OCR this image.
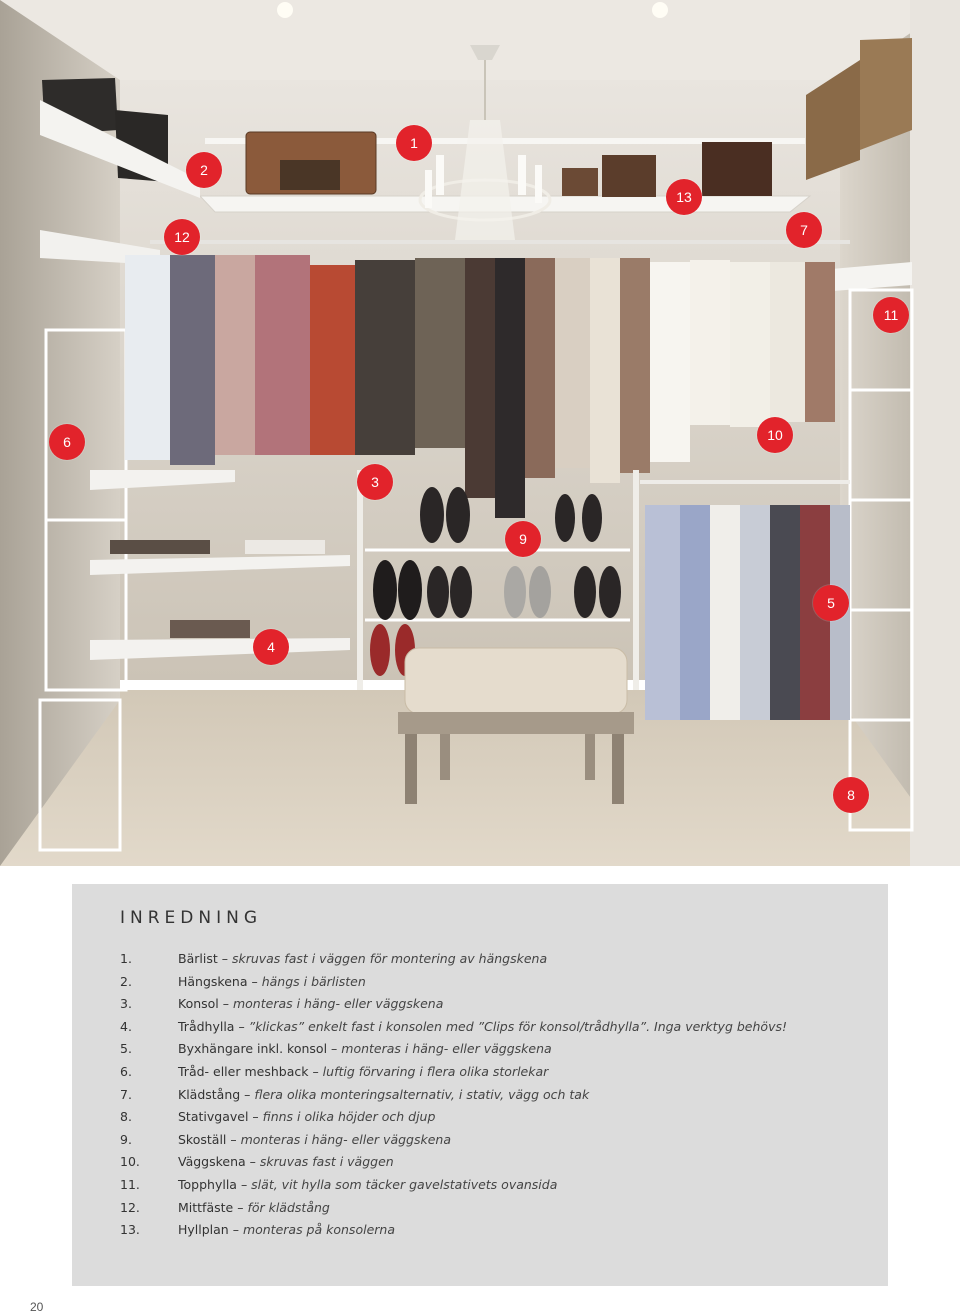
1
2
13
12	7
11
6	10
3
9
5
4
8
INREDNING
1.	Bärlist – skruvas fast i väggen för montering av hängskena
2.	Hängskena – hängs i bärlisten
3.	Konsol – monteras i häng- eller väggskena
4.	Trådhylla – ”klickas” enkelt fast i konsolen med ”Clips för konsol/trådhylla”. Inga verktyg behövs!
5.	Byxhängare inkl. konsol – monteras i häng- eller väggskena
6.	Tråd- eller meshback – luftig förvaring i flera olika storlekar
7.	Klädstång – flera olika monteringsalternativ, i stativ, vägg och tak
8.	Stativgavel – finns i olika höjder och djup
9.	Skoställ – monteras i häng- eller väggskena
10.	Väggskena – skruvas fast i väggen
11.	Topphylla – slät, vit hylla som täcker gavelstativets ovansida
12.	Mittfäste – för klädstång
13.	Hyllplan – monteras på konsolerna
20
